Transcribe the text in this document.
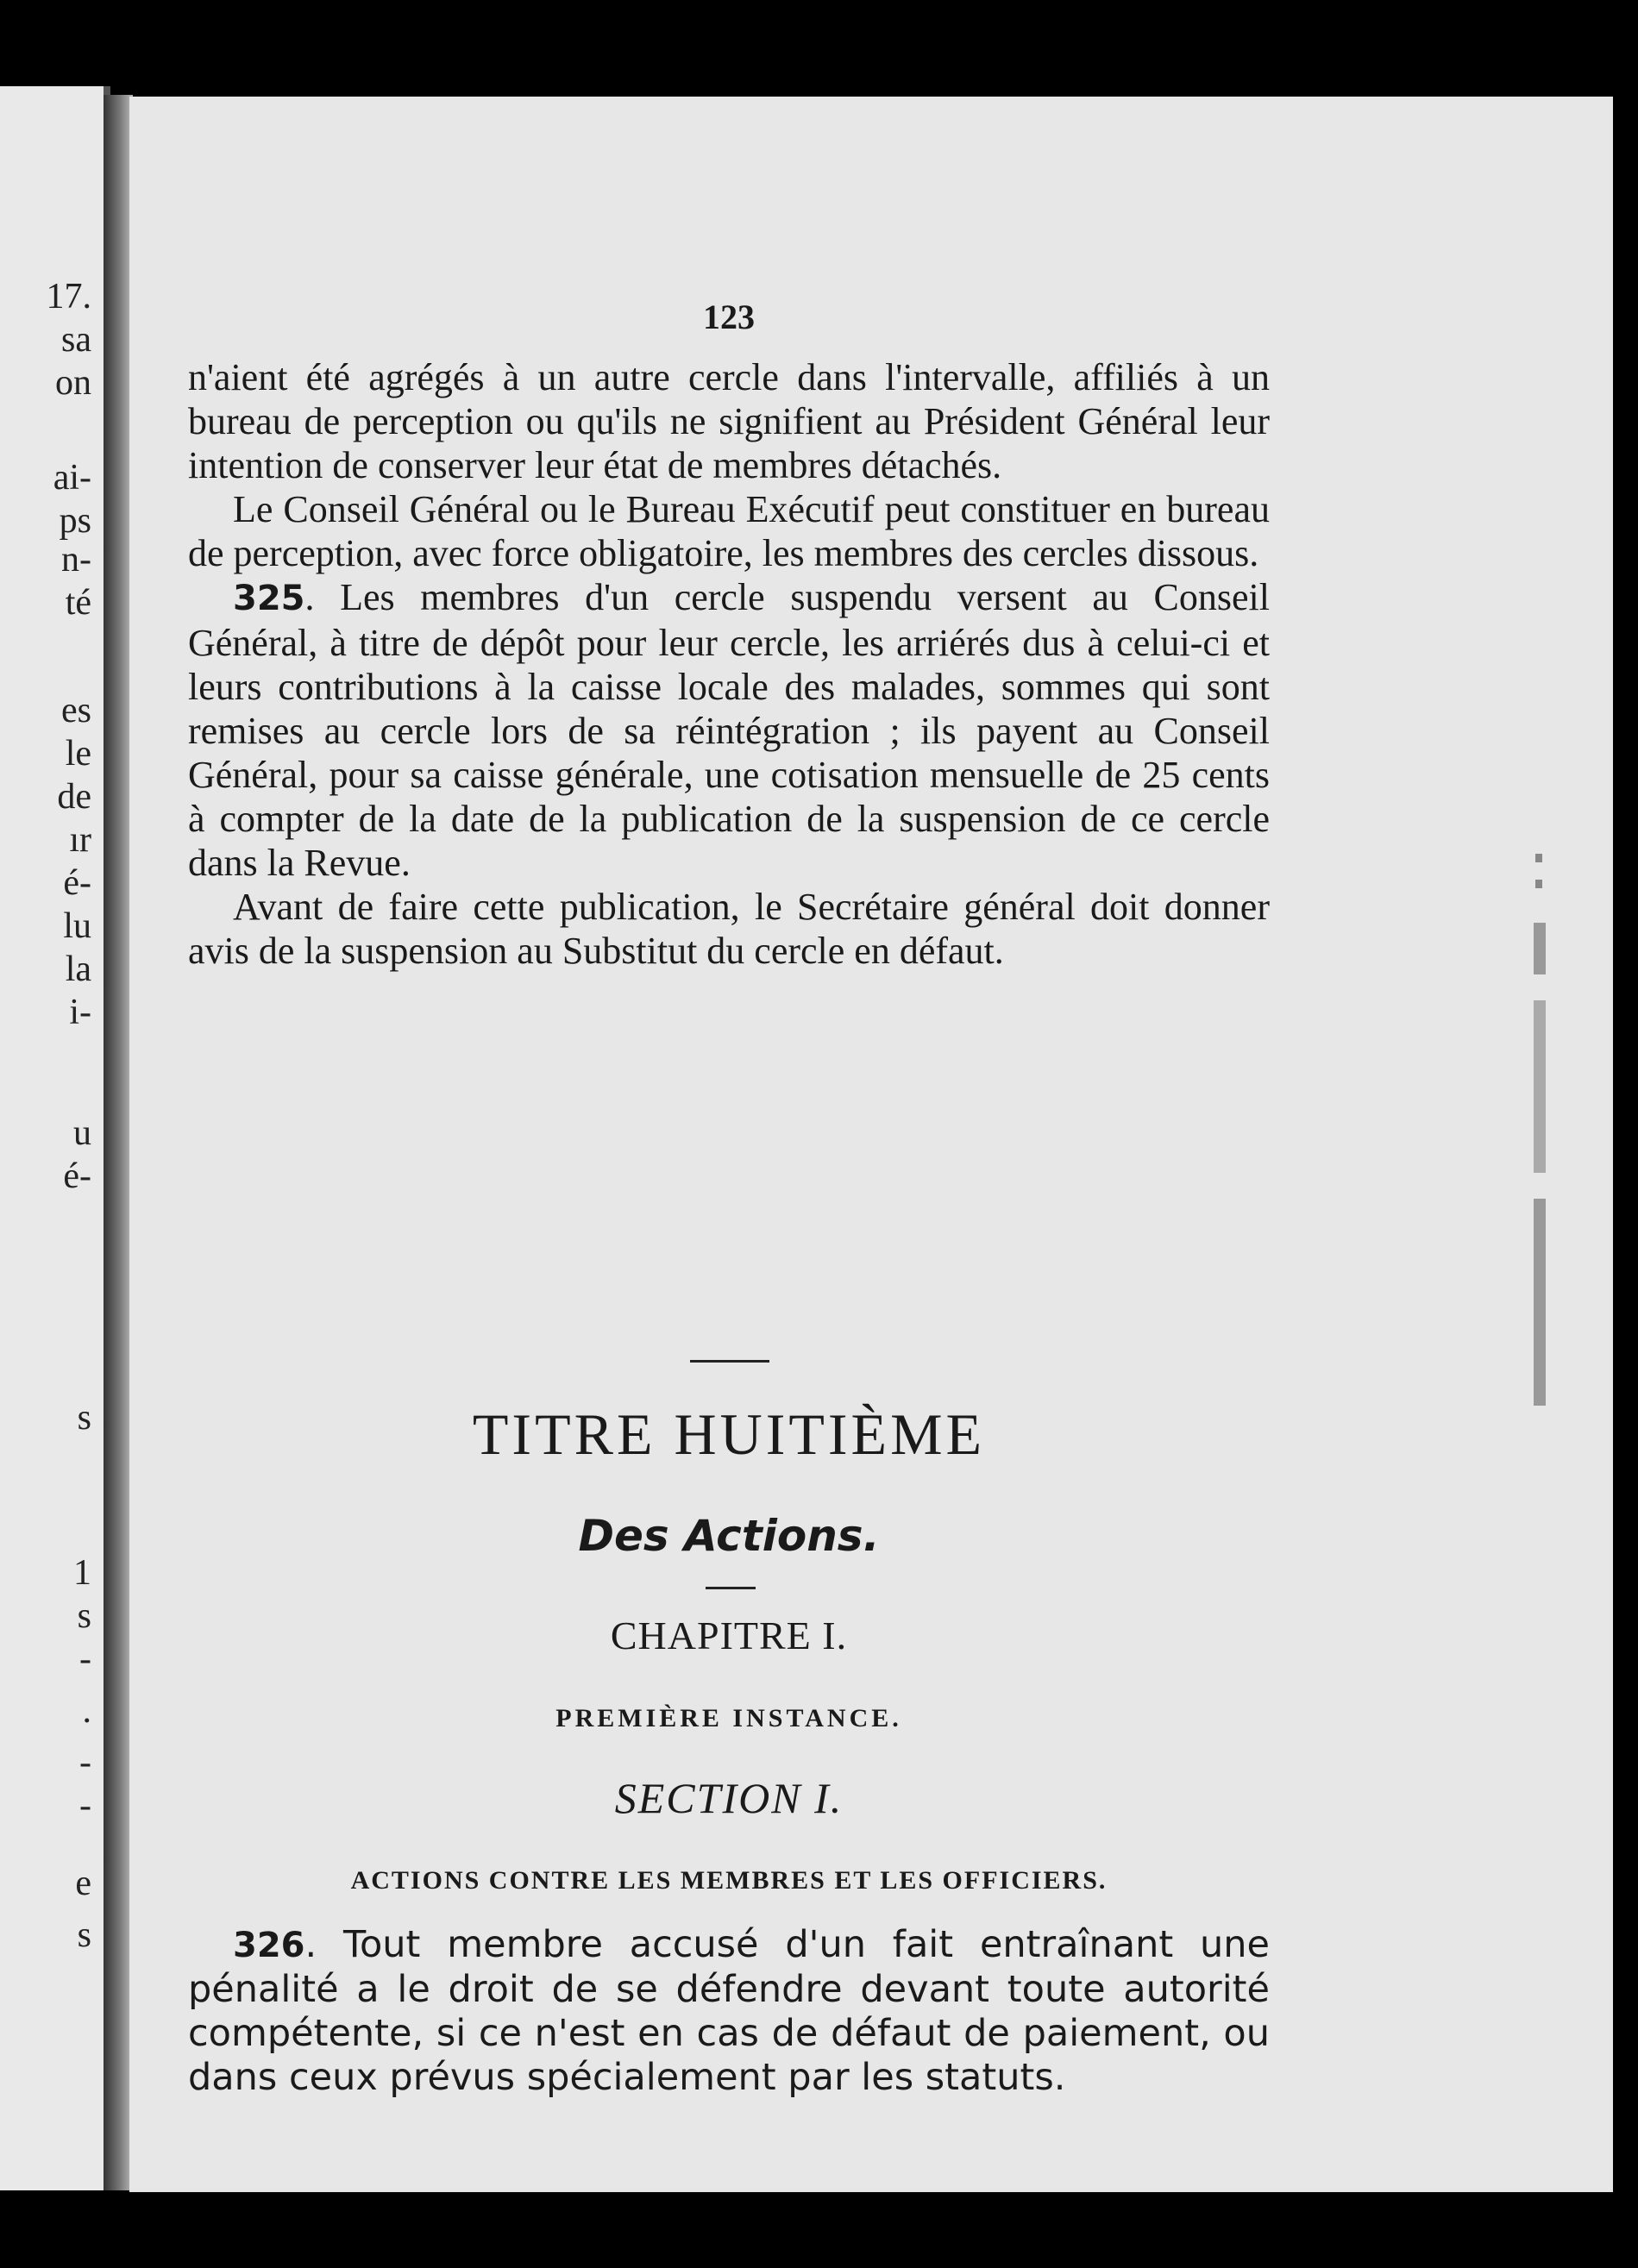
17.
sa
on
ai-
ps
n-
té
es
le
de
ır
é-
lu
la
i-
u
é-
s
1
s
-
.
-
-
e
s
123

n'aient été agrégés à un autre cercle dans l'intervalle, affiliés à un bureau de perception ou qu'ils ne signifient au Président Général leur intention de conserver leur état de membres détachés.

Le Conseil Général ou le Bureau Exécutif peut constituer en bureau de perception, avec force obligatoire, les membres des cercles dissous.

325. Les membres d'un cercle suspendu versent au Conseil Général, à titre de dépôt pour leur cercle, les arriérés dus à celui-ci et leurs contributions à la caisse locale des malades, sommes qui sont remises au cercle lors de sa réintégration ; ils payent au Conseil Général, pour sa caisse générale, une cotisation mensuelle de 25 cents à compter de la date de la publication de la suspension de ce cercle dans la Revue.

Avant de faire cette publication, le Secrétaire général doit donner avis de la suspension au Substitut du cercle en défaut.

TITRE HUITIÈME
Des Actions.
CHAPITRE I.
PREMIÈRE INSTANCE.
SECTION I.
ACTIONS CONTRE LES MEMBRES ET LES OFFICIERS.

326. Tout membre accusé d'un fait entraînant une pénalité a le droit de se défendre devant toute autorité compétente, si ce n'est en cas de défaut de paiement, ou dans ceux prévus spécialement par les statuts.
